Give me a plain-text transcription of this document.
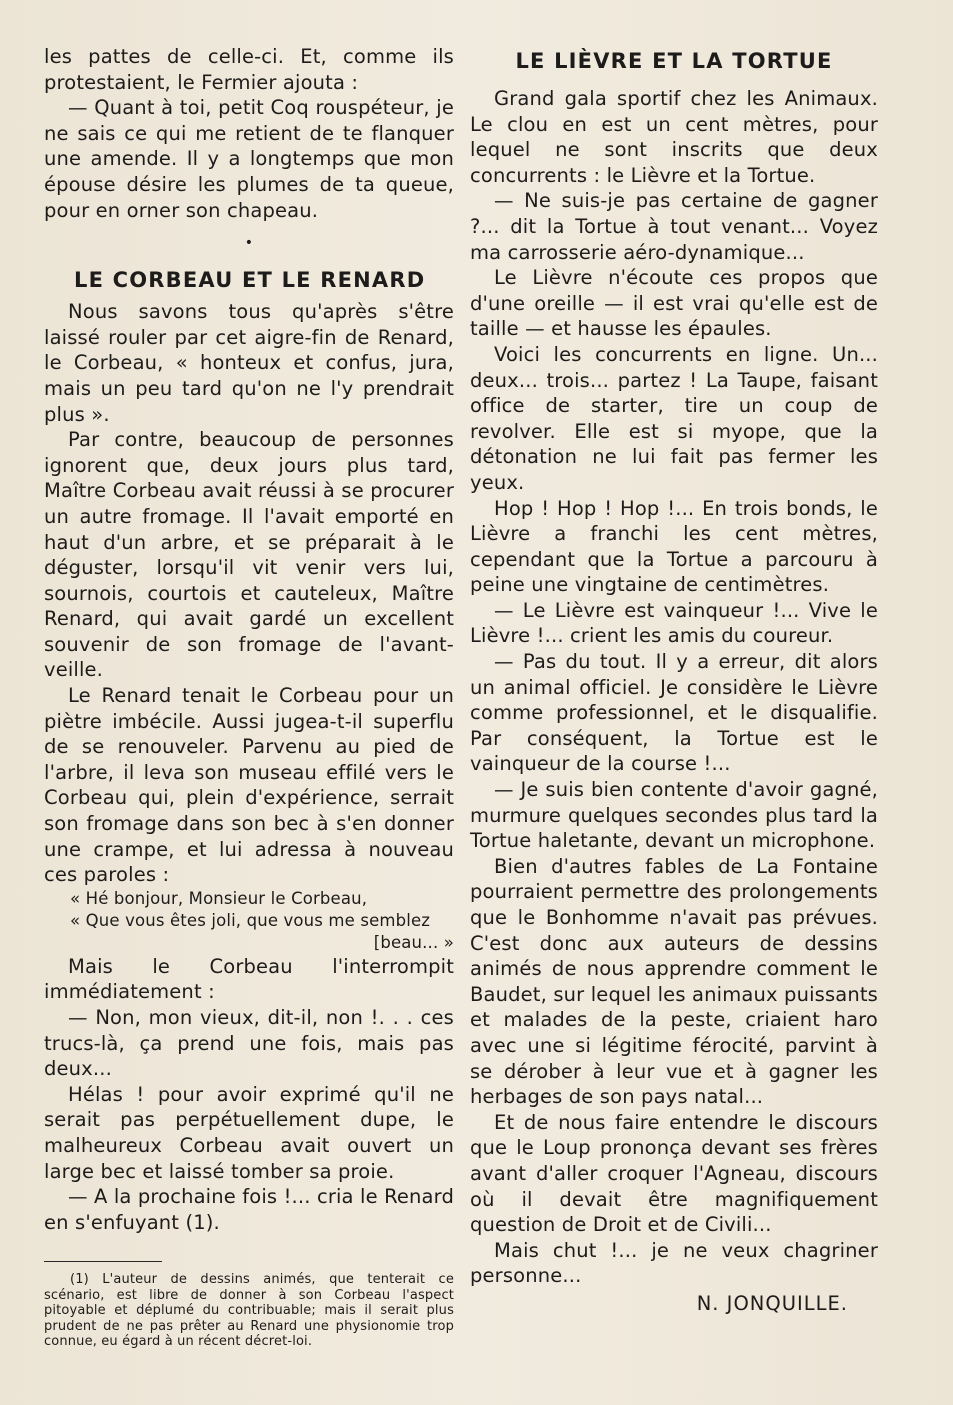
les pattes de celle-ci. Et, comme ils protestaient, le Fermier ajouta :

— Quant à toi, petit Coq rouspéteur, je ne sais ce qui me retient de te flanquer une amende. Il y a longtemps que mon épouse désire les plumes de ta queue, pour en orner son chapeau.

•
LE CORBEAU ET LE RENARD

Nous savons tous qu'après s'être laissé rouler par cet aigre-fin de Renard, le Corbeau, « honteux et confus, jura, mais un peu tard qu'on ne l'y prendrait plus ».

Par contre, beaucoup de personnes ignorent que, deux jours plus tard, Maître Corbeau avait réussi à se procurer un autre fromage. Il l'avait emporté en haut d'un arbre, et se préparait à le déguster, lorsqu'il vit venir vers lui, sournois, courtois et cauteleux, Maître Renard, qui avait gardé un excellent souvenir de son fromage de l'avant-veille.

Le Renard tenait le Corbeau pour un piètre imbécile. Aussi jugea-t-il superflu de se renouveler. Parvenu au pied de l'arbre, il leva son museau effilé vers le Corbeau qui, plein d'expérience, serrait son fromage dans son bec à s'en donner une crampe, et lui adressa à nouveau ces paroles :

« Hé bonjour, Monsieur le Corbeau,
« Que vous êtes joli, que vous me semblez
[beau... »

Mais le Corbeau l'interrompit immédiatement :

— Non, mon vieux, dit-il, non !. . . ces trucs-là, ça prend une fois, mais pas deux...

Hélas ! pour avoir exprimé qu'il ne serait pas perpétuellement dupe, le malheureux Corbeau avait ouvert un large bec et laissé tomber sa proie.

— A la prochaine fois !... cria le Renard en s'enfuyant (1).

(1) L'auteur de dessins animés, que tenterait ce scénario, est libre de donner à son Corbeau l'aspect pitoyable et déplumé du contribuable; mais il serait plus prudent de ne pas prêter au Renard une physionomie trop connue, eu égard à un récent décret-loi.

LE LIÈVRE ET LA TORTUE

Grand gala sportif chez les Animaux. Le clou en est un cent mètres, pour lequel ne sont inscrits que deux concurrents : le Lièvre et la Tortue.

— Ne suis-je pas certaine de gagner ?... dit la Tortue à tout venant... Voyez ma carrosserie aéro-dynamique...

Le Lièvre n'écoute ces propos que d'une oreille — il est vrai qu'elle est de taille — et hausse les épaules.

Voici les concurrents en ligne. Un... deux... trois... partez ! La Taupe, faisant office de starter, tire un coup de revolver. Elle est si myope, que la détonation ne lui fait pas fermer les yeux.

Hop ! Hop ! Hop !... En trois bonds, le Lièvre a franchi les cent mètres, cependant que la Tortue a parcouru à peine une vingtaine de centimètres.

— Le Lièvre est vainqueur !... Vive le Lièvre !... crient les amis du coureur.

— Pas du tout. Il y a erreur, dit alors un animal officiel. Je considère le Lièvre comme professionnel, et le disqualifie. Par conséquent, la Tortue est le vainqueur de la course !...

— Je suis bien contente d'avoir gagné, murmure quelques secondes plus tard la Tortue haletante, devant un microphone.

Bien d'autres fables de La Fontaine pourraient permettre des prolongements que le Bonhomme n'avait pas prévues. C'est donc aux auteurs de dessins animés de nous apprendre comment le Baudet, sur lequel les animaux puissants et malades de la peste, criaient haro avec une si légitime férocité, parvint à se dérober à leur vue et à gagner les herbages de son pays natal...

Et de nous faire entendre le discours que le Loup prononça devant ses frères avant d'aller croquer l'Agneau, discours où il devait être magnifiquement question de Droit et de Civili...

Mais chut !... je ne veux chagriner personne...

N. JONQUILLE.
